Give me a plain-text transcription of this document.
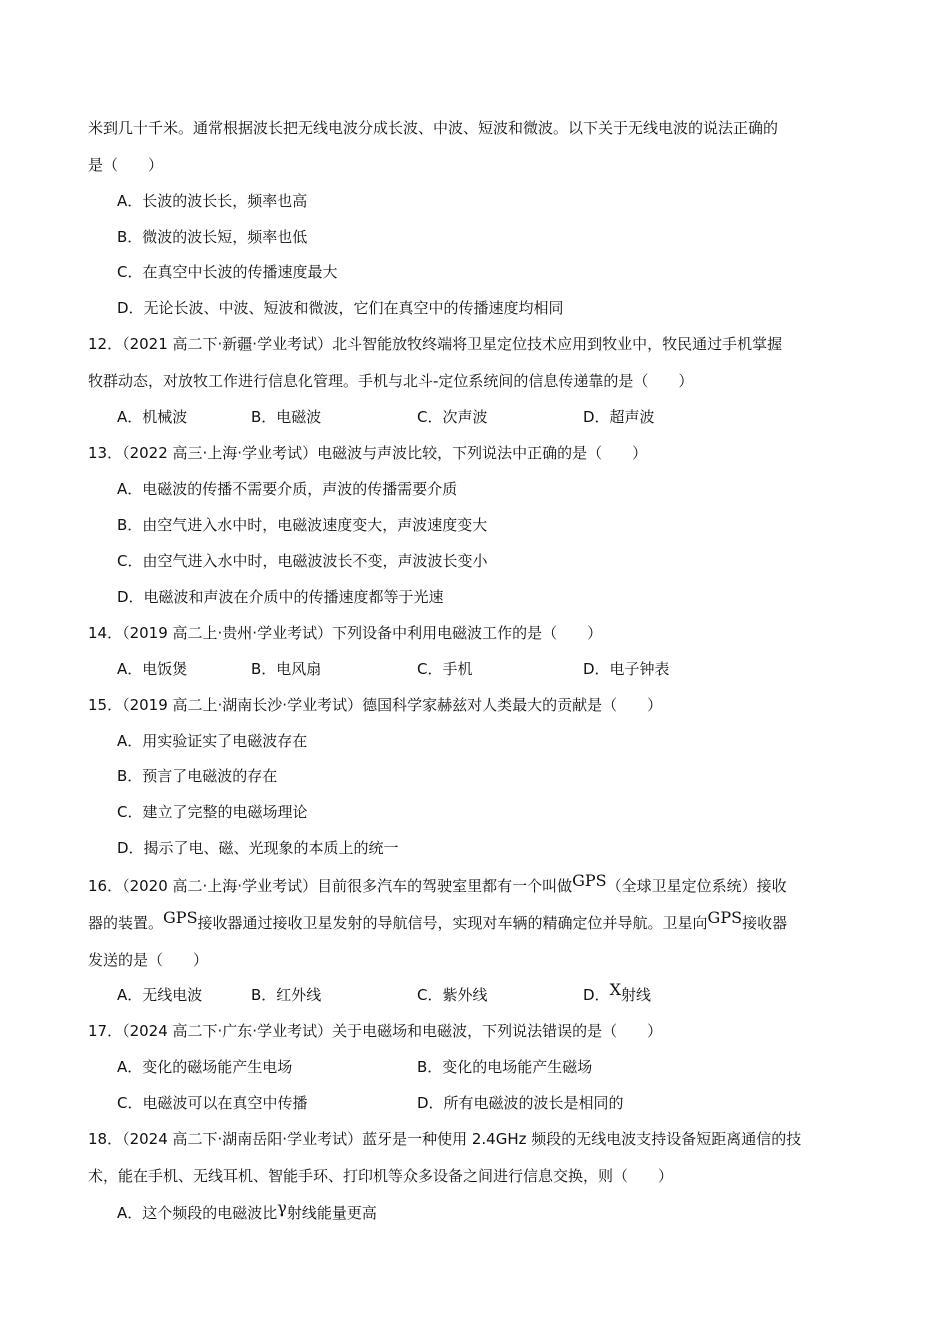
米到几十千米。通常根据波长把无线电波分成长波、中波、短波和微波。以下关于无线电波的说法正确的
是（　　）
A．长波的波长长，频率也高
B．微波的波长短，频率也低
C．在真空中长波的传播速度最大
D．无论长波、中波、短波和微波，它们在真空中的传播速度均相同
12．（2021 高二下·新疆·学业考试）北斗智能放牧终端将卫星定位技术应用到牧业中，牧民通过手机掌握
牧群动态，对放牧工作进行信息化管理。手机与北斗-定位系统间的信息传递靠的是（　　）
A．机械波	B．电磁波	C．次声波	D．超声波
13．（2022 高三·上海·学业考试）电磁波与声波比较，下列说法中正确的是（　　）
A．电磁波的传播不需要介质，声波的传播需要介质
B．由空气进入水中时，电磁波速度变大，声波速度变大
C．由空气进入水中时，电磁波波长不变，声波波长变小
D．电磁波和声波在介质中的传播速度都等于光速
14．（2019 高二上·贵州·学业考试）下列设备中利用电磁波工作的是（　　）
A．电饭煲	B．电风扇	C．手机	D．电子钟表
15．（2019 高二上·湖南长沙·学业考试）德国科学家赫兹对人类最大的贡献是（　　）
A．用实验证实了电磁波存在
B．预言了电磁波的存在
C．建立了完整的电磁场理论
D．揭示了电、磁、光现象的本质上的统一
16．（2020 高二·上海·学业考试）目前很多汽车的驾驶室里都有一个叫做GPS（全球卫星定位系统）接收
器的装置。GPS接收器通过接收卫星发射的导航信号，实现对车辆的精确定位并导航。卫星向GPS接收器
发送的是（　　）
A．无线电波	B．红外线	C．紫外线	D．X射线
17．（2024 高二下·广东·学业考试）关于电磁场和电磁波，下列说法错误的是（　　）
A．变化的磁场能产生电场	B．变化的电场能产生磁场
C．电磁波可以在真空中传播	D．所有电磁波的波长是相同的
18．（2024 高二下·湖南岳阳·学业考试）蓝牙是一种使用 2.4GHz 频段的无线电波支持设备短距离通信的技
术，能在手机、无线耳机、智能手环、打印机等众多设备之间进行信息交换，则（　　）
A．这个频段的电磁波比γ射线能量更高
